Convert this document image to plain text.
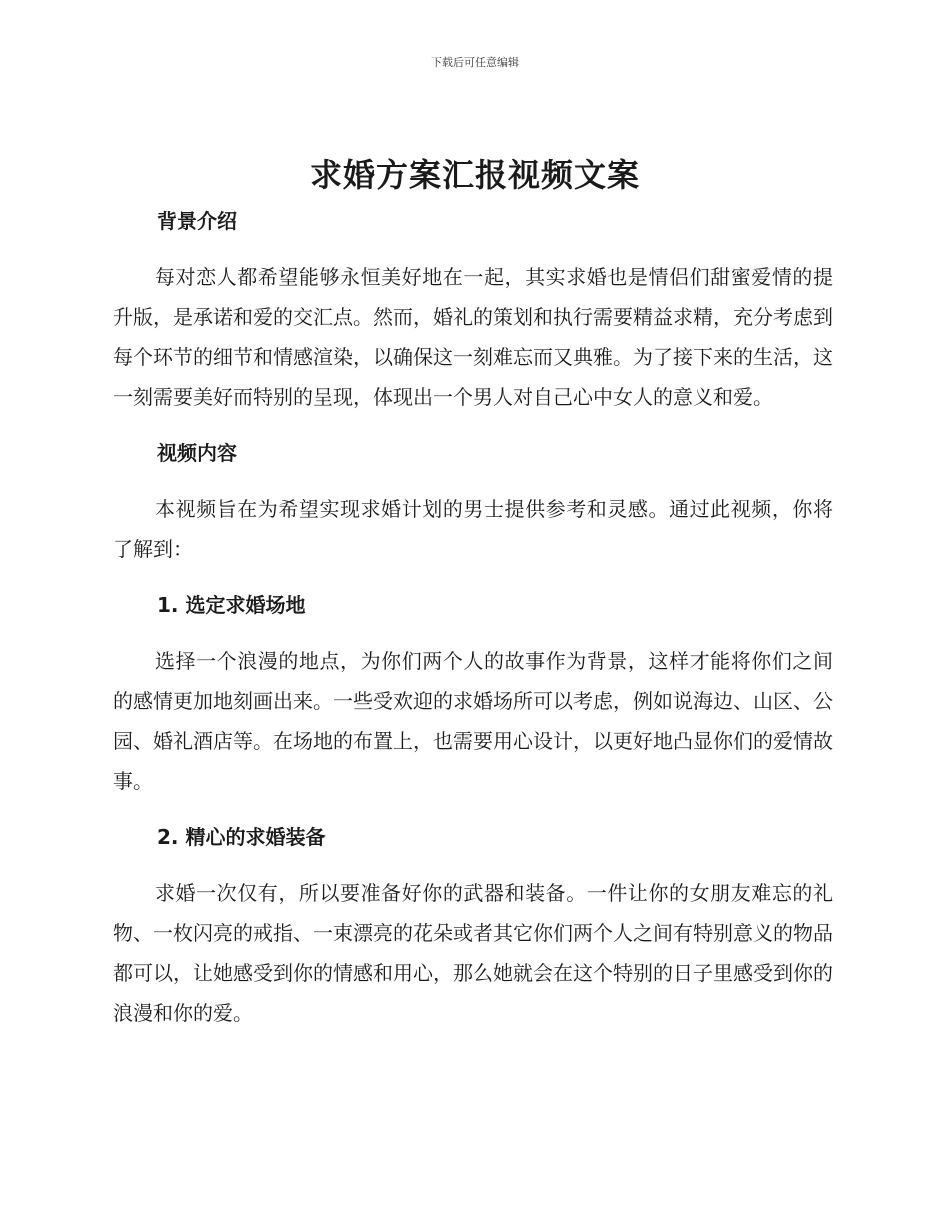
下载后可任意编辑
求婚方案汇报视频文案
背景介绍

每对恋人都希望能够永恒美好地在一起，其实求婚也是情侣们甜蜜爱情的提升版，是承诺和爱的交汇点。然而，婚礼的策划和执行需要精益求精，充分考虑到每个环节的细节和情感渲染，以确保这一刻难忘而又典雅。为了接下来的生活，这一刻需要美好而特别的呈现，体现出一个男人对自己心中女人的意义和爱。

视频内容

本视频旨在为希望实现求婚计划的男士提供参考和灵感。通过此视频，你将了解到：

1. 选定求婚场地

选择一个浪漫的地点，为你们两个人的故事作为背景，这样才能将你们之间的感情更加地刻画出来。一些受欢迎的求婚场所可以考虑，例如说海边、山区、公园、婚礼酒店等。在场地的布置上，也需要用心设计，以更好地凸显你们的爱情故事。

2. 精心的求婚装备

求婚一次仅有，所以要准备好你的武器和装备。一件让你的女朋友难忘的礼物、一枚闪亮的戒指、一束漂亮的花朵或者其它你们两个人之间有特别意义的物品都可以，让她感受到你的情感和用心，那么她就会在这个特别的日子里感受到你的浪漫和你的爱。
